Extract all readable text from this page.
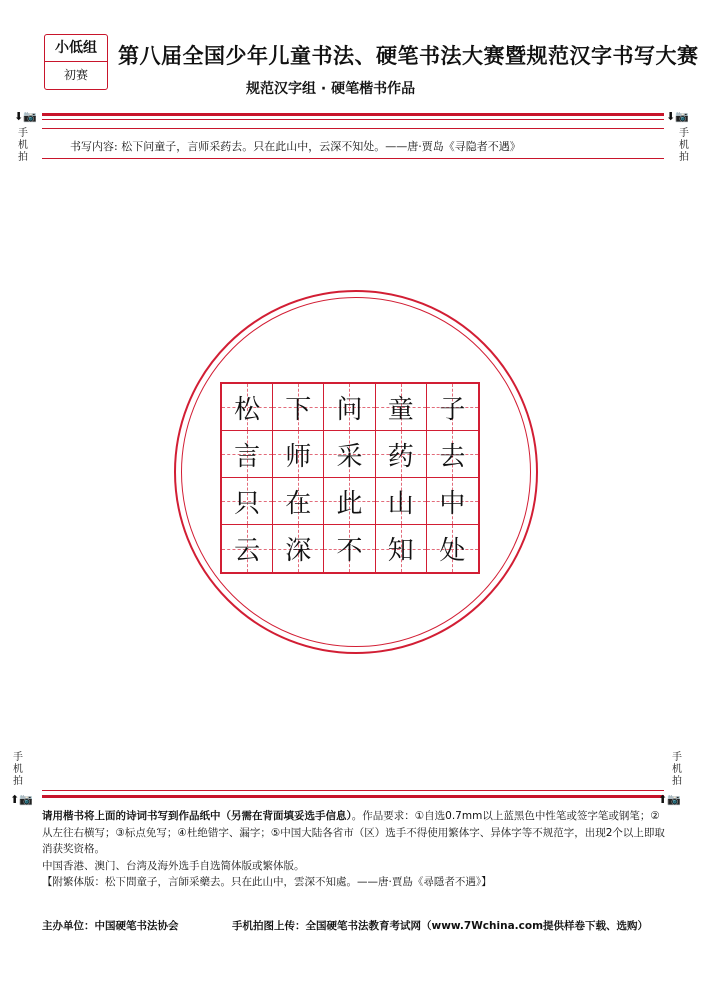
小低组
初赛
第八届全国少年儿童书法、硬笔书法大赛暨规范汉字书写大赛
规范汉字组 · 硬笔楷书作品
⬇📷
手机拍
⬇📷
手机拍
书写内容: 松下问童子，言师采药去。只在此山中，云深不知处。——唐·贾岛《寻隐者不遇》
松 下 问 童 子
言 师 采 药 去
只 在 此 山 中
云 深 不 知 处
手机拍
⬆📷
手机拍
⬆📷

请用楷书将上面的诗词书写到作品纸中（另需在背面填妥选手信息）。作品要求：①自选0.7mm以上蓝黑色中性笔或签字笔或钢笔；②从左往右横写；③标点免写；④杜绝错字、漏字；⑤中国大陆各省市（区）选手不得使用繁体字、异体字等不规范字，出现2个以上即取消获奖资格。

中国香港、澳门、台湾及海外选手自选简体版或繁体版。

【附繁体版：松下問童子，言師采藥去。只在此山中，雲深不知處。——唐·賈島《尋隱者不遇》】

主办单位：中国硬笔书法协会	手机拍图上传：全国硬笔书法教育考试网（www.7Wchina.com提供样卷下载、选购）
